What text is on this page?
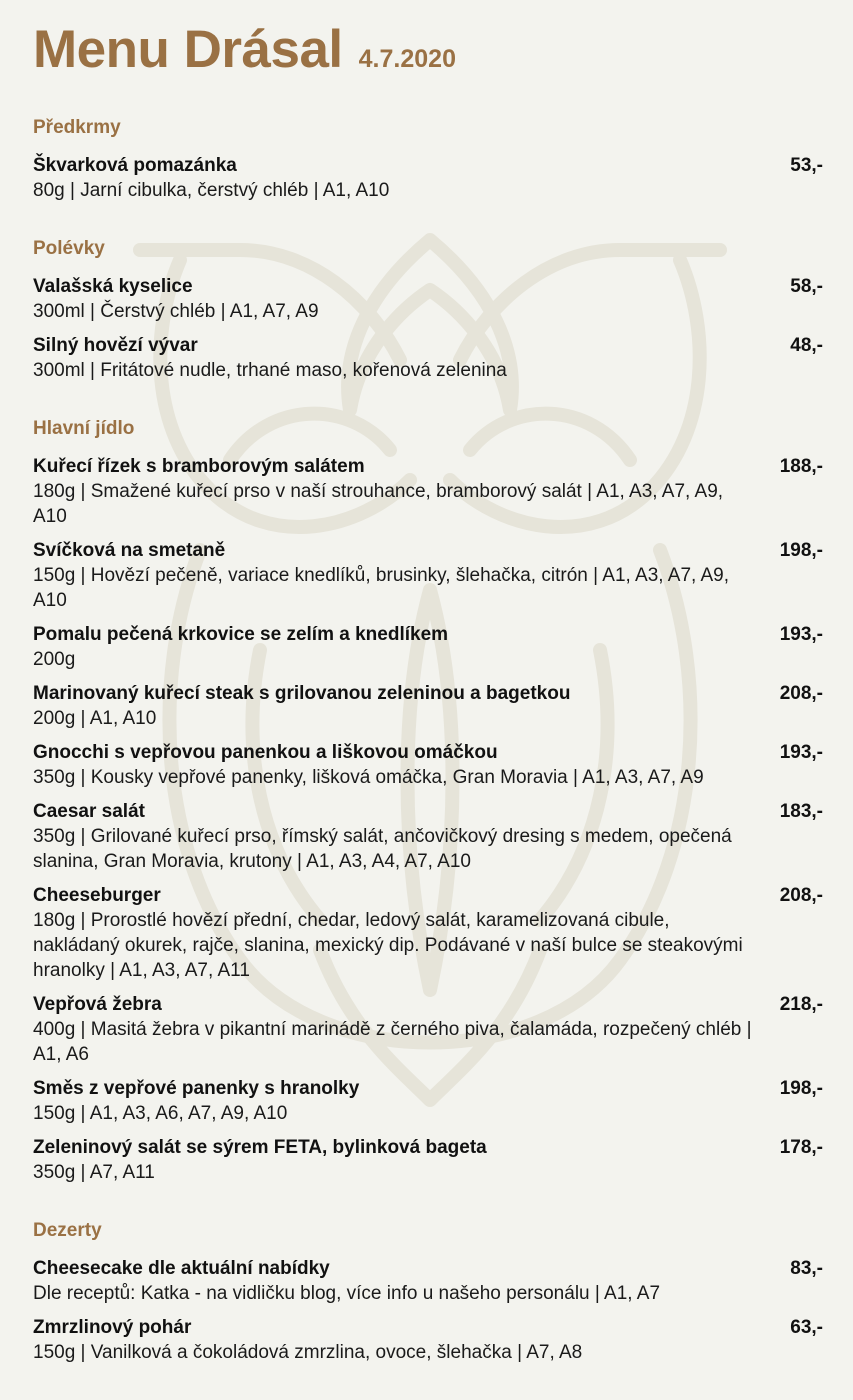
Menu Drásal 4.7.2020
Předkrmy
Škvarková pomazánka
80g | Jarní cibulka, čerstvý chléb | A1, A10
53,-
Polévky
Valašská kyselice
300ml | Čerstvý chléb | A1, A7, A9
58,-
Silný hovězí vývar
300ml | Fritátové nudle, trhané maso, kořenová zelenina
48,-
Hlavní jídlo
Kuřecí řízek s bramborovým salátem
180g | Smažené kuřecí prso v naší strouhance, bramborový salát | A1, A3, A7, A9, A10
188,-
Svíčková na smetaně
150g | Hovězí pečeně, variace knedlíků, brusinky, šlehačka, citrón | A1, A3, A7, A9, A10
198,-
Pomalu pečená krkovice se zelím a knedlíkem
200g
193,-
Marinovaný kuřecí steak s grilovanou zeleninou a bagetkou
200g | A1, A10
208,-
Gnocchi s vepřovou panenkou a liškovou omáčkou
350g | Kousky vepřové panenky, lišková omáčka, Gran Moravia | A1, A3, A7, A9
193,-
Caesar salát
350g | Grilované kuřecí prso, římský salát, ančovičkový dresing s medem, opečená slanina, Gran Moravia, krutony | A1, A3, A4, A7, A10
183,-
Cheeseburger
180g | Prorostlé hovězí přední, chedar, ledový salát, karamelizovaná cibule, nakládaný okurek, rajče, slanina, mexický dip. Podávané v naší bulce se steakovými hranolky | A1, A3, A7, A11
208,-
Vepřová žebra
400g | Masitá žebra v pikantní marinádě z černého piva, čalamáda, rozpečený chléb | A1, A6
218,-
Směs z vepřové panenky s hranolky
150g | A1, A3, A6, A7, A9, A10
198,-
Zeleninový salát se sýrem FETA, bylinková bageta
350g | A7, A11
178,-
Dezerty
Cheesecake dle aktuální nabídky
Dle receptů: Katka - na vidličku blog, více info u našeho personálu | A1, A7
83,-
Zmrzlinový pohár
150g | Vanilková a čokoládová zmrzlina, ovoce, šlehačka | A7, A8
63,-
